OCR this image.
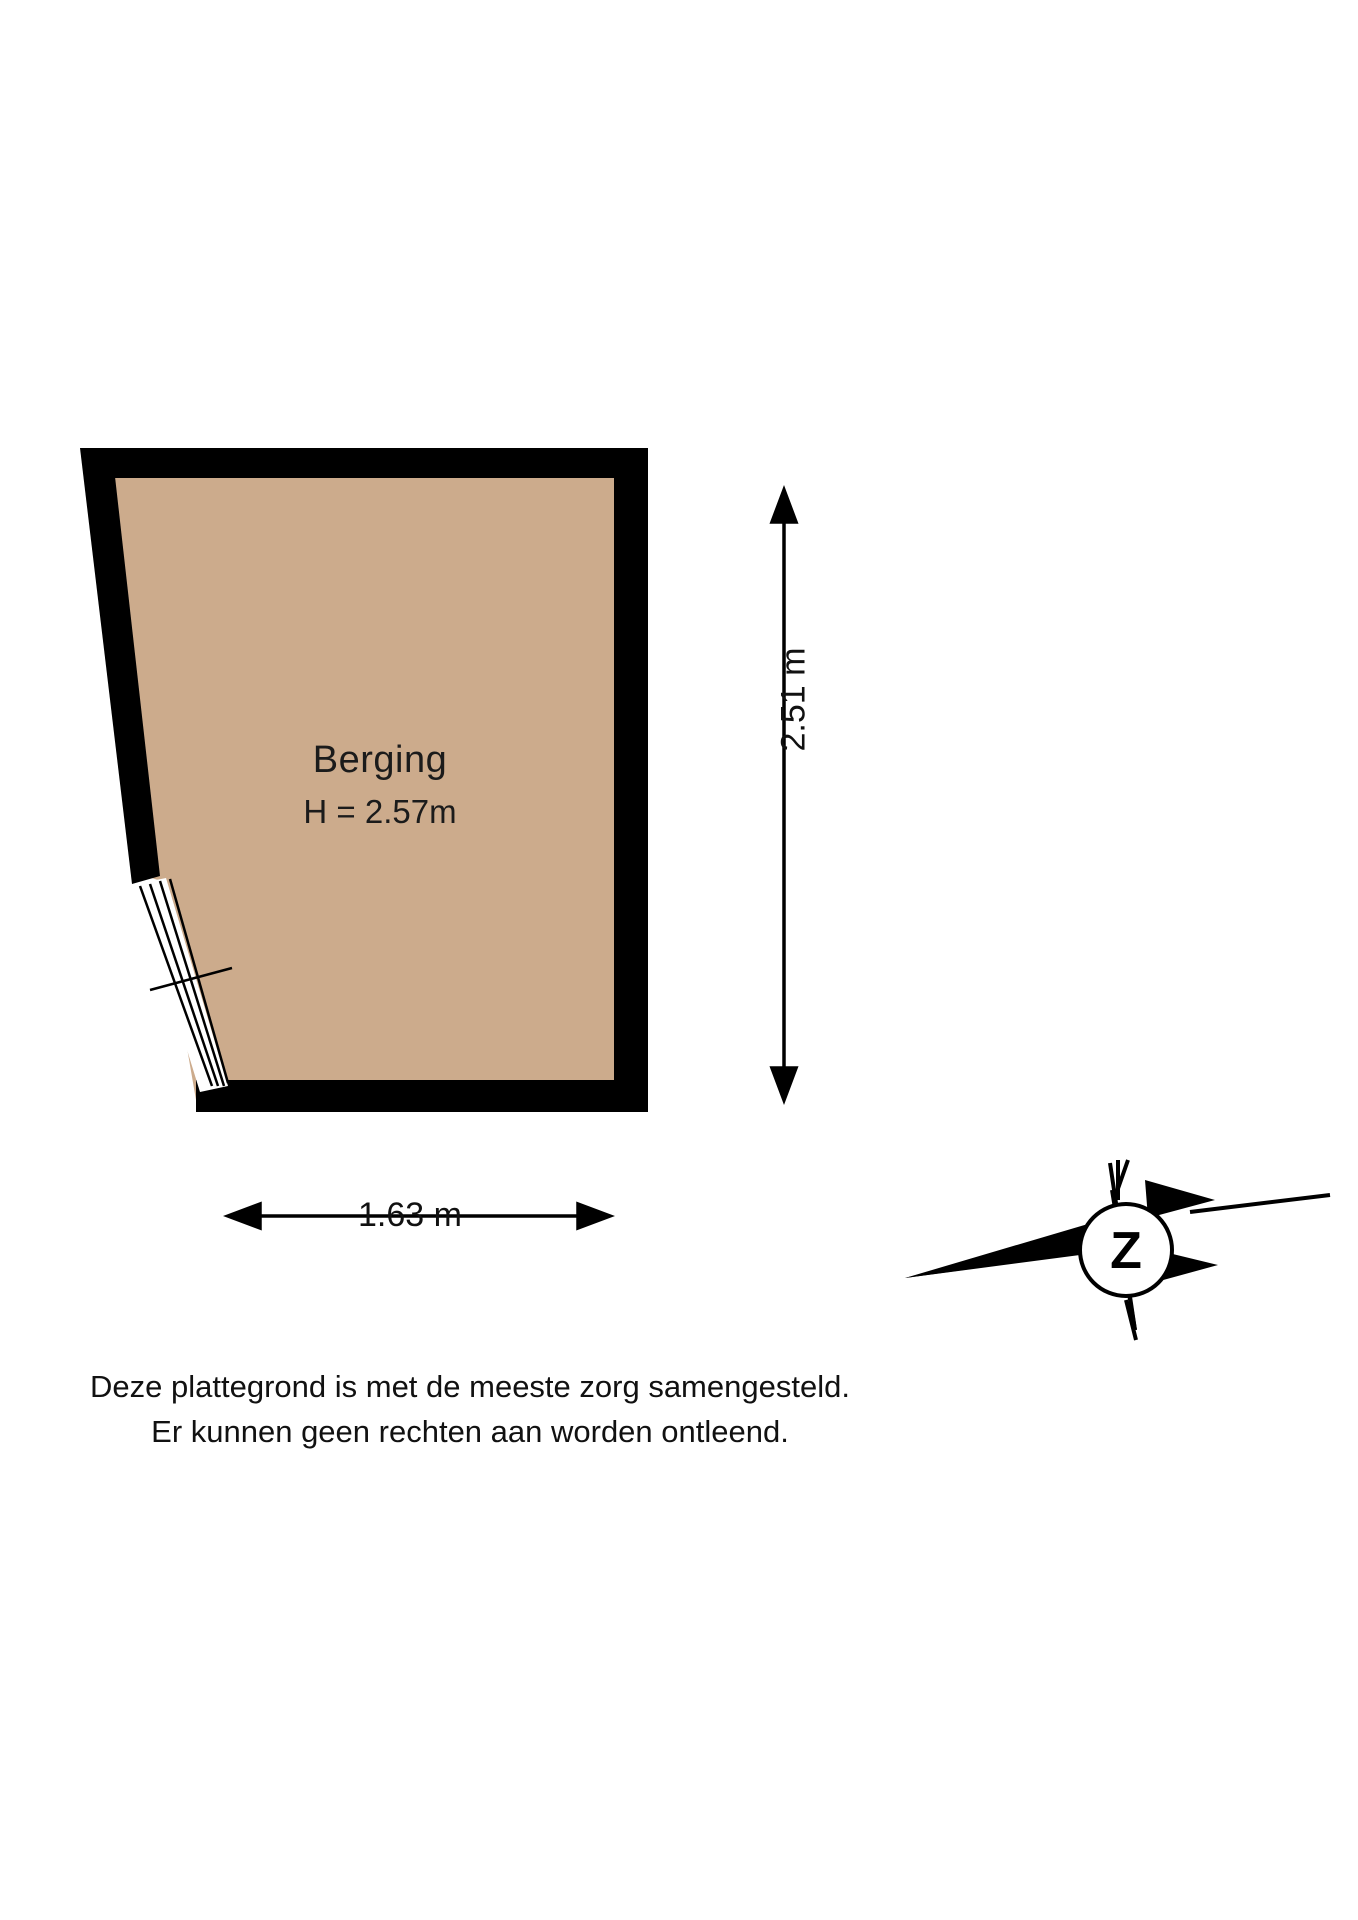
Z
Berging
H = 2.57m
2.51 m
1.63 m
Deze plattegrond is met de meeste zorg samengesteld.
Er kunnen geen rechten aan worden ontleend.
